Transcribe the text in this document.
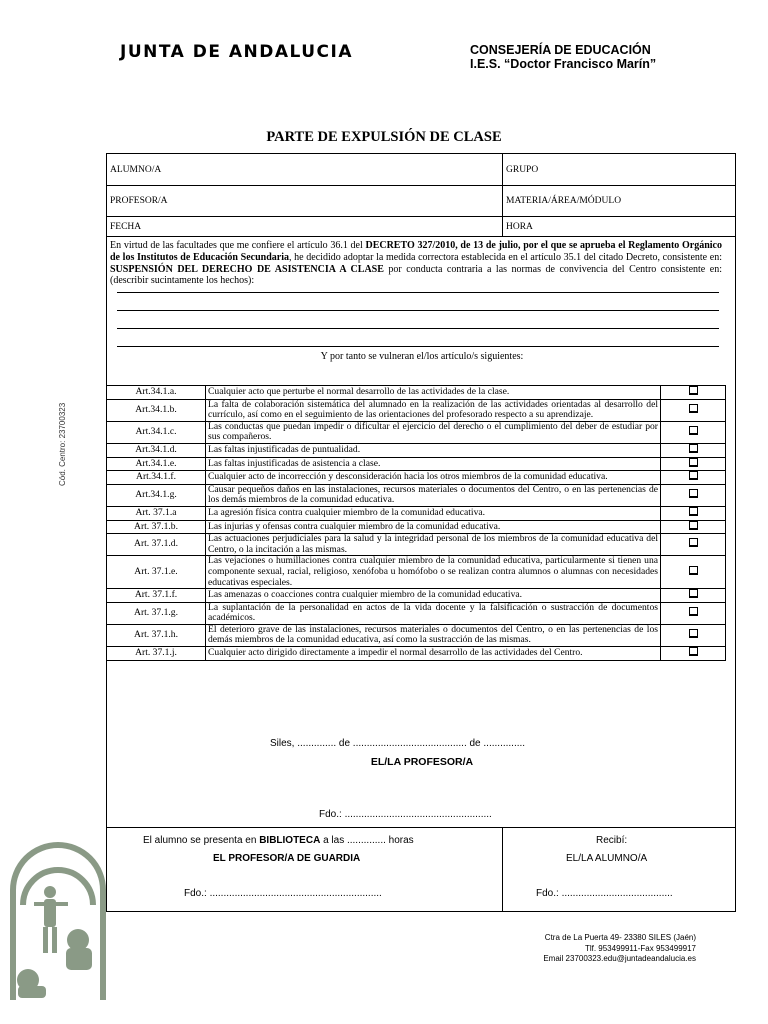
JUNTA DE ANDALUCIA	CONSEJERÍA DE EDUCACIÓN
I.E.S. “Doctor Francisco Marín”
PARTE DE EXPULSIÓN DE CLASE
Cód. Centro: 23700323
ALUMNO/A	GRUPO
PROFESOR/A	MATERIA/ÁREA/MÓDULO
FECHA	HORA
En virtud de las facultades que me confiere el artículo 36.1 del DECRETO 327/2010, de 13 de julio, por el que se aprueba el Reglamento Orgánico de los Institutos de Educación Secundaria, he decidido adoptar la medida correctora establecida en el artículo 35.1 del citado Decreto, consistente en: SUSPENSIÓN DEL DERECHO DE ASISTENCIA A CLASE por conducta contraria a las normas de convivencia del Centro consistente en: (describir sucintamente los hechos):
Y por tanto se vulneran el/los artículo/s siguientes:
EL/LA PROFESOR/A
Art.34.1.a.	Cualquier acto que perturbe el normal desarrollo de las actividades de la clase.	
Art.34.1.b.	La falta de colaboración sistemática del alumnado en la realización de las actividades orientadas al desarrollo del currículo, así como en el seguimiento de las orientaciones del profesorado respecto a su aprendizaje.	
Art.34.1.c.	Las conductas que puedan impedir o dificultar el ejercicio del derecho o el cumplimiento del deber de estudiar por sus compañeros.	
Art.34.1.d.	Las faltas injustificadas de puntualidad.	
Art.34.1.e.	Las faltas injustificadas de asistencia a clase.	
Art.34.1.f.	Cualquier acto de incorrección y desconsideración hacia los otros miembros de la comunidad educativa.	
Art.34.1.g.	Causar pequeños daños en las instalaciones, recursos materiales o documentos del Centro, o en las pertenencias de los demás miembros de la comunidad educativa.	
Art. 37.1.a	La agresión física contra cualquier miembro de la comunidad educativa.	
Art. 37.1.b.	Las injurias y ofensas contra cualquier miembro de la comunidad educativa.	
Art. 37.1.d.	Las actuaciones perjudiciales para la salud y la integridad personal de los miembros de la comunidad educativa del Centro, o la incitación a las mismas.	
Art. 37.1.e.	Las vejaciones o humillaciones contra cualquier miembro de la comunidad educativa, particularmente si tienen una componente sexual, racial, religioso, xenófoba u homófobo o se realizan contra alumnos o alumnas con necesidades educativas especiales.	
Art. 37.1.f.	Las amenazas o coacciones contra cualquier miembro de la comunidad educativa.	
Art. 37.1.g.	La suplantación de la personalidad en actos de la vida docente y la falsificación o sustracción de documentos académicos.	
Art. 37.1.h.	El deterioro grave de las instalaciones, recursos materiales o documentos del Centro, o en las pertenencias de los demás miembros de la comunidad educativa, así como la sustracción de las mismas.	
Art. 37.1.j.	Cualquier acto dirigido directamente a impedir el normal desarrollo de las actividades del Centro.	
Siles, .............. de ......................................... de ...............
Fdo.: .....................................................
El alumno se presenta en BIBLIOTECA a las .............. horas
EL PROFESOR/A DE GUARDIA
Fdo.: ..............................................................
Recibí:
EL/LA ALUMNO/A
Fdo.: ........................................
Ctra de La Puerta 49- 23380 SILES (Jaén)
Tlf. 953499911-Fax 953499917
Email 23700323.edu@juntadeandalucia.es
